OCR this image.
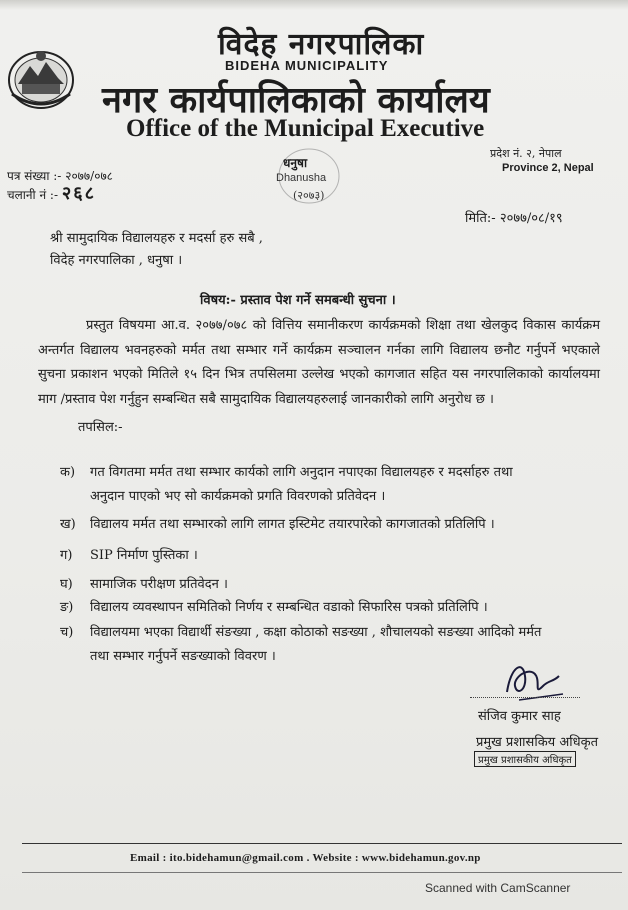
विदेह नगरपालिका
BIDEHA MUNICIPALITY
नगर कार्यपालिकाको कार्यालय
Office of the Municipal Executive
धनुषा
Dhanusha
(२०७३)
प्रदेश नं. २, नेपाल
Province 2, Nepal
पत्र संख्या :- २०७७/०७८
चलानी नं :- २६८
मिति:- २०७७/०८/१९
श्री सामुदायिक विद्यालयहरु र मदर्सा हरु सबै ,
विदेह नगरपालिका , धनुषा ।
विषय:- प्रस्ताव पेश गर्ने समबन्धी सुचना ।

प्रस्तुत विषयमा आ.व. २०७७/०७८ को वित्तिय समानीकरण कार्यक्रमको शिक्षा तथा खेलकुद विकास कार्यक्रम अन्तर्गत विद्यालय भवनहरुको मर्मत तथा सम्भार गर्ने कार्यक्रम सञ्चालन गर्नका लागि विद्यालय छनौट गर्नुपर्ने भएकाले सुचना प्रकाशन भएको मितिले १५ दिन भित्र तपसिलमा उल्लेख भएको कागजात सहित यस नगरपालिकाको कार्यालयमा माग /प्रस्ताव पेश गर्नुहुन सम्बन्धित सबै सामुदायिक विद्यालयहरुलाई जानकारीको लागि अनुरोध छ ।

तपसिल:-

क) गत विगतमा मर्मत तथा सम्भार कार्यको लागि अनुदान नपाएका विद्यालयहरु र मदर्साहरु तथा
अनुदान पाएको भए सो कार्यक्रमको प्रगति विवरणको प्रतिवेदन ।
ख) विद्यालय मर्मत तथा सम्भारको लागि लागत इस्टिमेट तयारपारेको कागजातको प्रतिलिपि ।
ग) SIP निर्माण पुस्तिका ।
घ) सामाजिक परीक्षण प्रतिवेदन ।
ङ) विद्यालय व्यवस्थापन समितिको निर्णय र सम्बन्धित वडाको सिफारिस पत्रको प्रतिलिपि ।
च) विद्यालयमा भएका विद्यार्थी संङख्या , कक्षा कोठाको सङख्या , शौचालयको सङख्या आदिको मर्मत
तथा सम्भार गर्नुपर्ने सङख्याको विवरण ।
संजिव कुमार साह
प्रमुख प्रशासकिय अधिकृत
प्रमुख प्रशासकीय अधिकृत
Email : ito.bidehamun@gmail.com . Website : www.bidehamun.gov.np
Scanned with CamScanner
